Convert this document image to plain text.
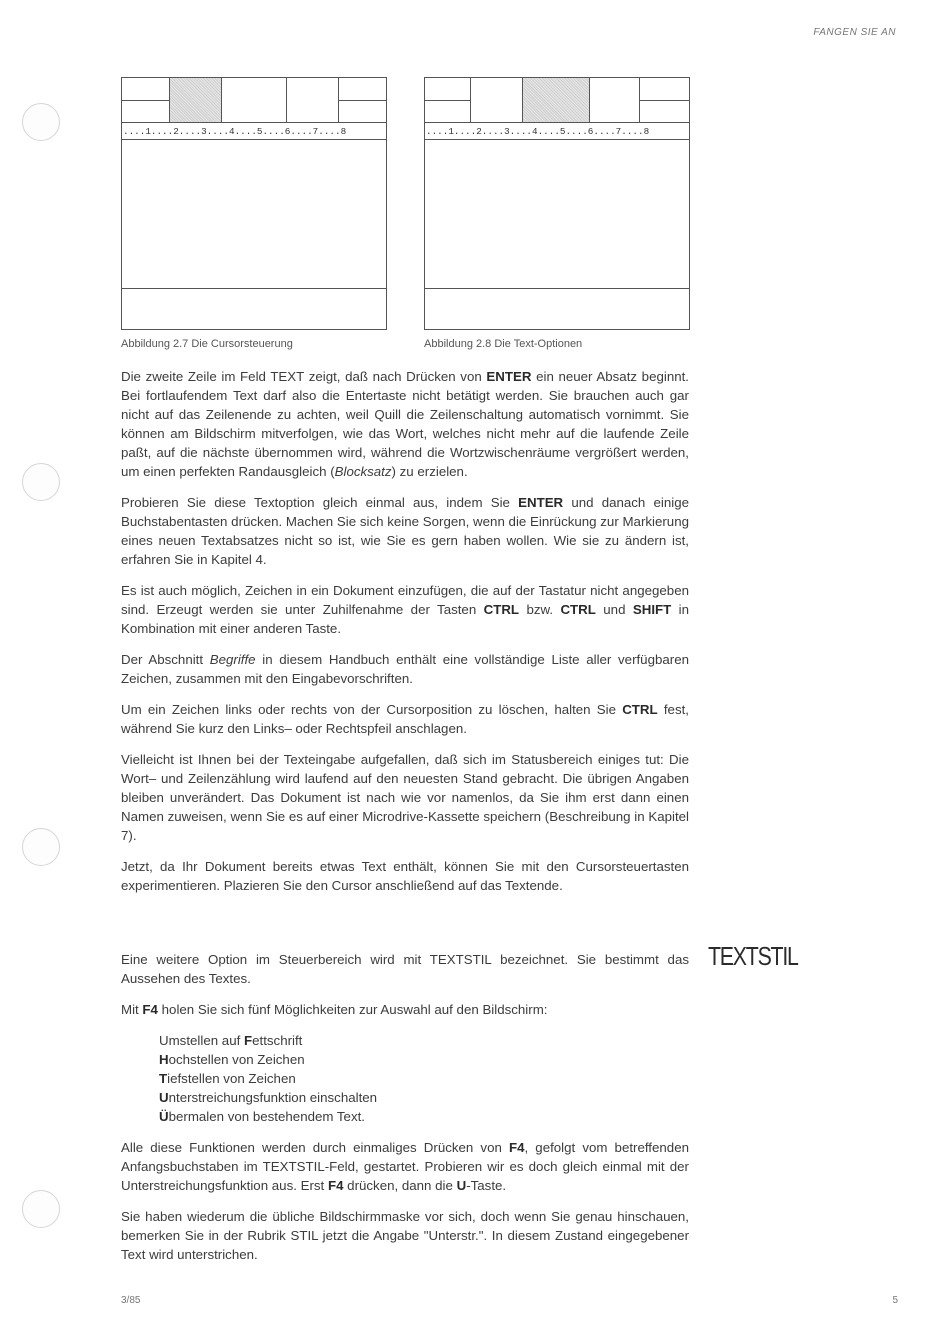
FANGEN SIE AN
....1....2....3....4....5....6....7....8
Abbildung 2.7 Die Cursorsteuerung
....1....2....3....4....5....6....7....8
Abbildung 2.8 Die Text-Optionen

Die zweite Zeile im Feld TEXT zeigt, daß nach Drücken von ENTER ein neuer Absatz beginnt. Bei fortlaufendem Text darf also die Entertaste nicht betätigt werden. Sie brauchen auch gar nicht auf das Zeilenende zu achten, weil Quill die Zeilenschaltung automatisch vornimmt. Sie können am Bildschirm mitverfolgen, wie das Wort, welches nicht mehr auf die laufende Zeile paßt, auf die nächste übernommen wird, während die Wortzwischenräume vergrößert werden, um einen perfekten Randausgleich (Blocksatz) zu erzielen.

Probieren Sie diese Textoption gleich einmal aus, indem Sie ENTER und danach einige Buchstabentasten drücken. Machen Sie sich keine Sorgen, wenn die Einrückung zur Markierung eines neuen Textabsatzes nicht so ist, wie Sie es gern haben wollen. Wie sie zu ändern ist, erfahren Sie in Kapitel 4.

Es ist auch möglich, Zeichen in ein Dokument einzufügen, die auf der Tastatur nicht angegeben sind. Erzeugt werden sie unter Zuhilfenahme der Tasten CTRL bzw. CTRL und SHIFT in Kombination mit einer anderen Taste.

Der Abschnitt Begriffe in diesem Handbuch enthält eine vollständige Liste aller verfügbaren Zeichen, zusammen mit den Eingabevorschriften.

Um ein Zeichen links oder rechts von der Cursorposition zu löschen, halten Sie CTRL fest, während Sie kurz den Links– oder Rechtspfeil anschlagen.

Vielleicht ist Ihnen bei der Texteingabe aufgefallen, daß sich im Statusbereich einiges tut: Die Wort– und Zeilenzählung wird laufend auf den neuesten Stand gebracht. Die übrigen Angaben bleiben unverändert. Das Dokument ist nach wie vor namenlos, da Sie ihm erst dann einen Namen zuweisen, wenn Sie es auf einer Microdrive-Kassette speichern (Beschreibung in Kapitel 7).

Jetzt, da Ihr Dokument bereits etwas Text enthält, können Sie mit den Cursorsteuertasten experimentieren. Plazieren Sie den Cursor anschließend auf das Textende.

TEXTSTIL

Eine weitere Option im Steuerbereich wird mit TEXTSTIL bezeichnet. Sie bestimmt das Aussehen des Textes.

Mit F4 holen Sie sich fünf Möglichkeiten zur Auswahl auf den Bildschirm:

Umstellen auf Fettschrift
Hochstellen von Zeichen
Tiefstellen von Zeichen
Unterstreichungsfunktion einschalten
Übermalen von bestehendem Text.

Alle diese Funktionen werden durch einmaliges Drücken von F4, gefolgt vom betreffenden Anfangsbuchstaben im TEXTSTIL-Feld, gestartet. Probieren wir es doch gleich einmal mit der Unterstreichungsfunktion aus. Erst F4 drücken, dann die U-Taste.

Sie haben wiederum die übliche Bildschirmmaske vor sich, doch wenn Sie genau hinschauen, bemerken Sie in der Rubrik STIL jetzt die Angabe "Unterstr.". In diesem Zustand eingegebener Text wird unterstrichen.

3/85	5
